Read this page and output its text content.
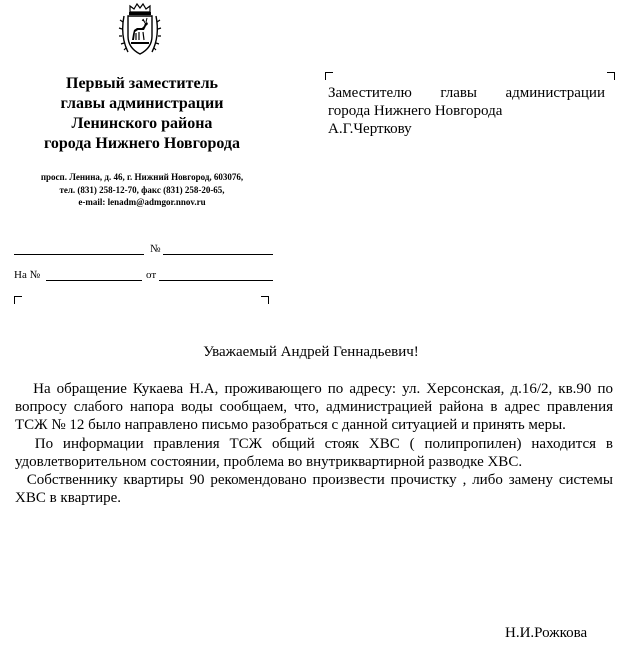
Первый заместитель
главы администрации
Ленинского района
города Нижнего Новгорода
просп. Ленина, д. 46, г. Нижний Новгород, 603076,
тел. (831) 258-12-70, факс (831) 258-20-65,
e-mail: lenadm@admgor.nnov.ru
№
На №	от
Заместителю главы администрации
города Нижнего Новгорода
А.Г.Черткову
Уважаемый Андрей Геннадьевич!

На обращение Кукаева Н.А, проживающего по адресу: ул. Херсонская, д.16/2, кв.90 по вопросу слабого напора воды сообщаем, что, администрацией района в адрес правления ТСЖ № 12 было направлено письмо разобраться с данной ситуацией и принять меры.

По информации правления ТСЖ общий стояк ХВС ( полипропилен) находится в удовлетворительном состоянии, проблема во внутриквартирной разводке ХВС.

Собственнику квартиры 90 рекомендовано произвести прочистку , либо замену системы ХВС в квартире.

Н.И.Рожкова
